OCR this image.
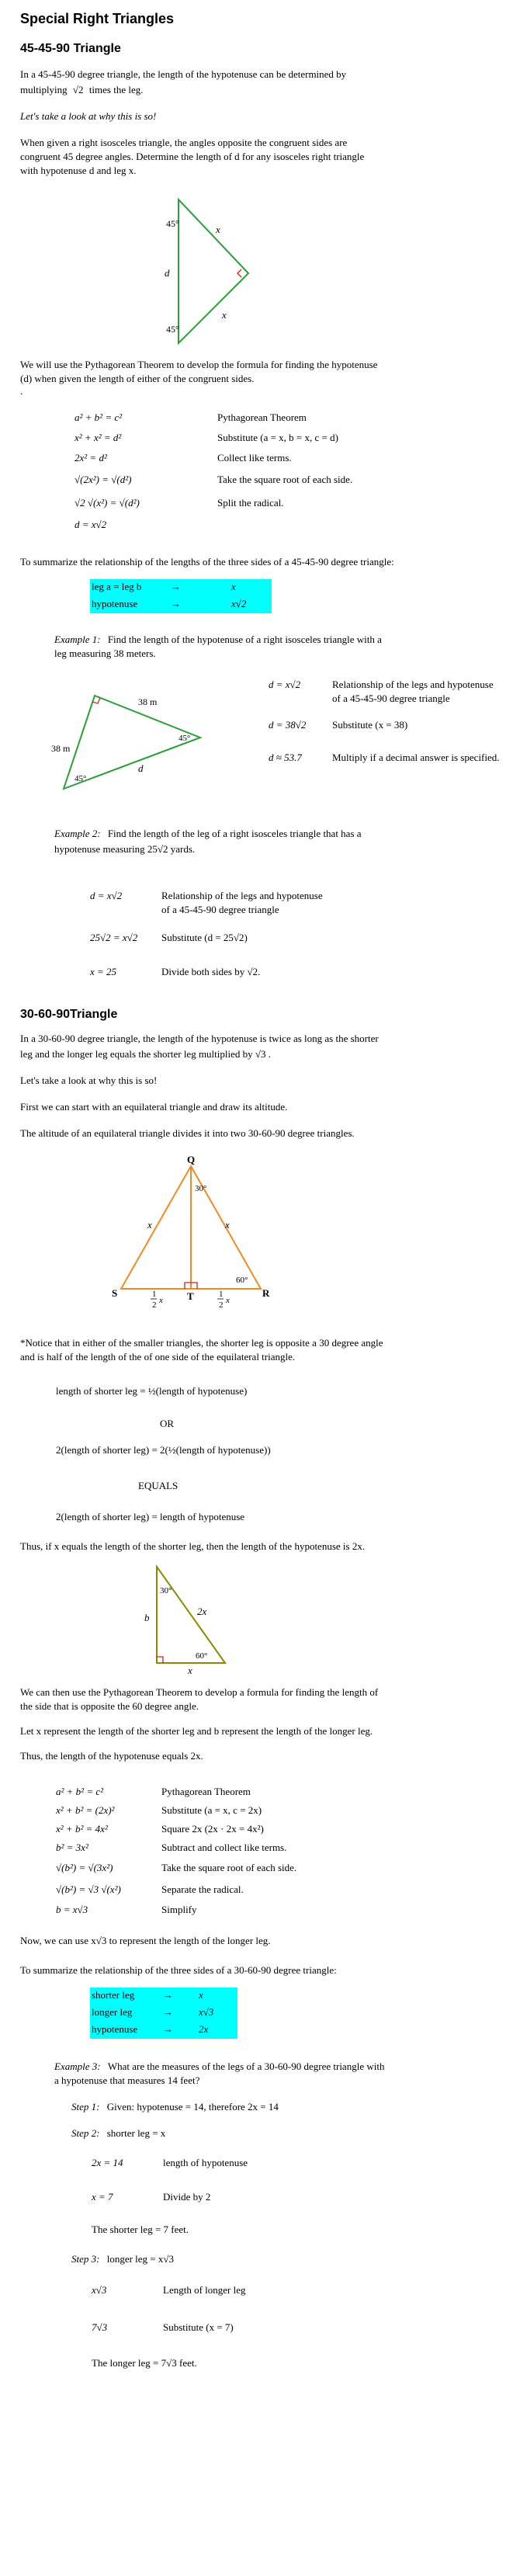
Special Right Triangles
45-45-90 Triangle
In a 45-45-90 degree triangle, the length of the hypotenuse can be determined by
multiplying √2 times the leg.
Let's take a look at why this is so!
When given a right isosceles triangle, the angles opposite the congruent sides are
congruent 45 degree angles. Determine the length of d for any isosceles right triangle
with hypotenuse d and leg x.
45°
45°
d
x
x
We will use the Pythagorean Theorem to develop the formula for finding the hypotenuse
(d) when given the length of either of the congruent sides.
.
a² + b² = c²	Pythagorean Theorem
x² + x² = d²	Substitute (a = x, b = x, c = d)
2x² = d²	Collect like terms.
√(2x²) = √(d²)	Take the square root of each side.
√2 √(x²) = √(d²)	Split the radical.
d = x√2
To summarize the relationship of the lengths of the three sides of a 45-45-90 degree triangle:
leg a = leg b	→	x
hypotenuse	→	x√2
Example 1: Find the length of the hypotenuse of a right isosceles triangle with a
leg measuring 38 meters.
38 m
38 m
45°
45°
d
d = x√2	Relationship of the legs and hypotenuse
of a 45-45-90 degree triangle
d = 38√2	Substitute (x = 38)
d ≈ 53.7	Multiply if a decimal answer is specified.
Example 2: Find the length of the leg of a right isosceles triangle that has a
hypotenuse measuring 25√2 yards.
d = x√2	Relationship of the legs and hypotenuse
of a 45-45-90 degree triangle
25√2 = x√2 Substitute (d = 25√2)
x = 25	Divide both sides by √2.
30-60-90Triangle
In a 30-60-90 degree triangle, the length of the hypotenuse is twice as long as the shorter
leg and the longer leg equals the shorter leg multiplied by √3 .
Let's take a look at why this is so!
First we can start with an equilateral triangle and draw its altitude.
The altitude of an equilateral triangle divides it into two 30-60-90 degree triangles.
Q
S	T	R
30°
60°
x	x
1
2 x
1
2 x
*Notice that in either of the smaller triangles, the shorter leg is opposite a 30 degree angle
and is half of the length of the of one side of the equilateral triangle.
length of shorter leg = ½(length of hypotenuse)
OR
2(length of shorter leg) = 2(½(length of hypotenuse))
EQUALS
2(length of shorter leg) = length of hypotenuse
Thus, if x equals the length of the shorter leg, then the length of the hypotenuse is 2x.
30°
60°
b
2x
x
We can then use the Pythagorean Theorem to develop a formula for finding the length of
the side that is opposite the 60 degree angle.
Let x represent the length of the shorter leg and b represent the length of the longer leg.
Thus, the length of the hypotenuse equals 2x.
a² + b² = c²	Pythagorean Theorem
x² + b² = (2x)²	Substitute (a = x, c = 2x)
x² + b² = 4x²	Square 2x (2x · 2x = 4x²)
b² = 3x²	Subtract and collect like terms.
√(b²) = √(3x²)	Take the square root of each side.
√(b²) = √3 √(x²)	Separate the radical.
b = x√3	Simplify
Now, we can use x√3 to represent the length of the longer leg.
To summarize the relationship of the three sides of a 30-60-90 degree triangle:
shorter leg	→	x
longer leg	→	x√3
hypotenuse	→	2x
Example 3: What are the measures of the legs of a 30-60-90 degree triangle with
a hypotenuse that measures 14 feet?
Step 1: Given: hypotenuse = 14, therefore 2x = 14
Step 2: shorter leg = x
2x = 14	length of hypotenuse
x = 7	Divide by 2
The shorter leg = 7 feet.
Step 3: longer leg = x√3
x√3	Length of longer leg
7√3	Substitute (x = 7)
The longer leg = 7√3 feet.
